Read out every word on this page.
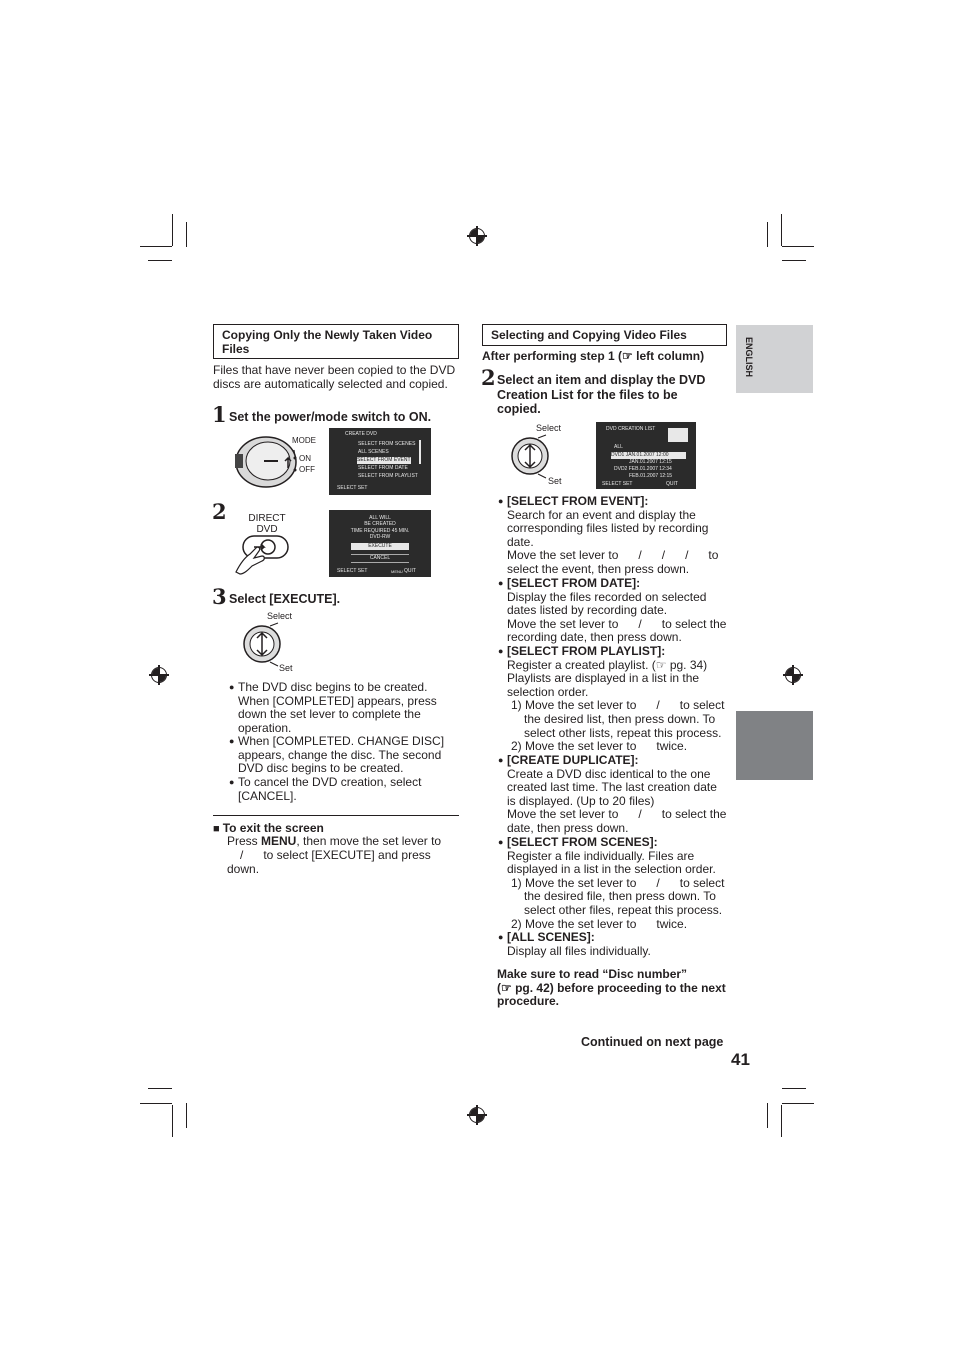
ENGLISH
Copying Only the Newly Taken Video Files
Files that have never been copied to the DVD discs are automatically selected and copied.
1 Set the power/mode switch to ON.
MODE
ON
OFF
CREATE DVD
SELECT FROM SCENES
ALL SCENES
SELECT FROM EVENT
SELECT FROM DATE
SELECT FROM PLAYLIST
SELECT SET
2 DIRECT
DVD
ALL WILL
BE CREATED
TIME REQUIRED 45 MIN.
DVD-RW
EXECUTE
CANCEL
SELECT SET	MENU QUIT
3 Select [EXECUTE].
Select
Set
● The DVD disc begins to be created. When [COMPLETED] appears, press down the set lever to complete the operation.
● When [COMPLETED. CHANGE DISC] appears, change the disc. The second DVD disc begins to be created.
● To cancel the DVD creation, select [CANCEL].
■ To exit the screen
Press MENU, then move the set lever to
/      to select [EXECUTE] and press
down.
Selecting and Copying Video Files
After performing step 1 (☞ left column)
2 Select an item and display the DVD Creation List for the files to be copied.
Select
Set
DVD CREATION LIST
ALL
DVD1 JAN.01.2007 12:00
JAN.01.2007 12:15
DVD2 FEB.01.2007 12:34
FEB.01.2007 12:15
SELECT SET	QUIT
● [SELECT FROM EVENT]:
Search for an event and display the
corresponding files listed by recording
date.
Move the set lever to      /      /      /      to
select the event, then press down.
● [SELECT FROM DATE]:
Display the files recorded on selected
dates listed by recording date.
Move the set lever to      /      to select the
recording date, then press down.
● [SELECT FROM PLAYLIST]:
Register a created playlist. (☞ pg. 34)
Playlists are displayed in a list in the
selection order.
1) Move the set lever to      /      to select
the desired list, then press down. To
select other lists, repeat this process.
2) Move the set lever to      twice.
● [CREATE DUPLICATE]:
Create a DVD disc identical to the one
created last time. The last creation date
is displayed. (Up to 20 files)
Move the set lever to      /      to select the
date, then press down.
● [SELECT FROM SCENES]:
Register a file individually. Files are
displayed in a list in the selection order.
1) Move the set lever to      /      to select
the desired file, then press down. To
select other files, repeat this process.
2) Move the set lever to      twice.
● [ALL SCENES]:
Display all files individually.
Make sure to read “Disc number”
(☞ pg. 42) before proceeding to the next
procedure.
Continued on next page
41
